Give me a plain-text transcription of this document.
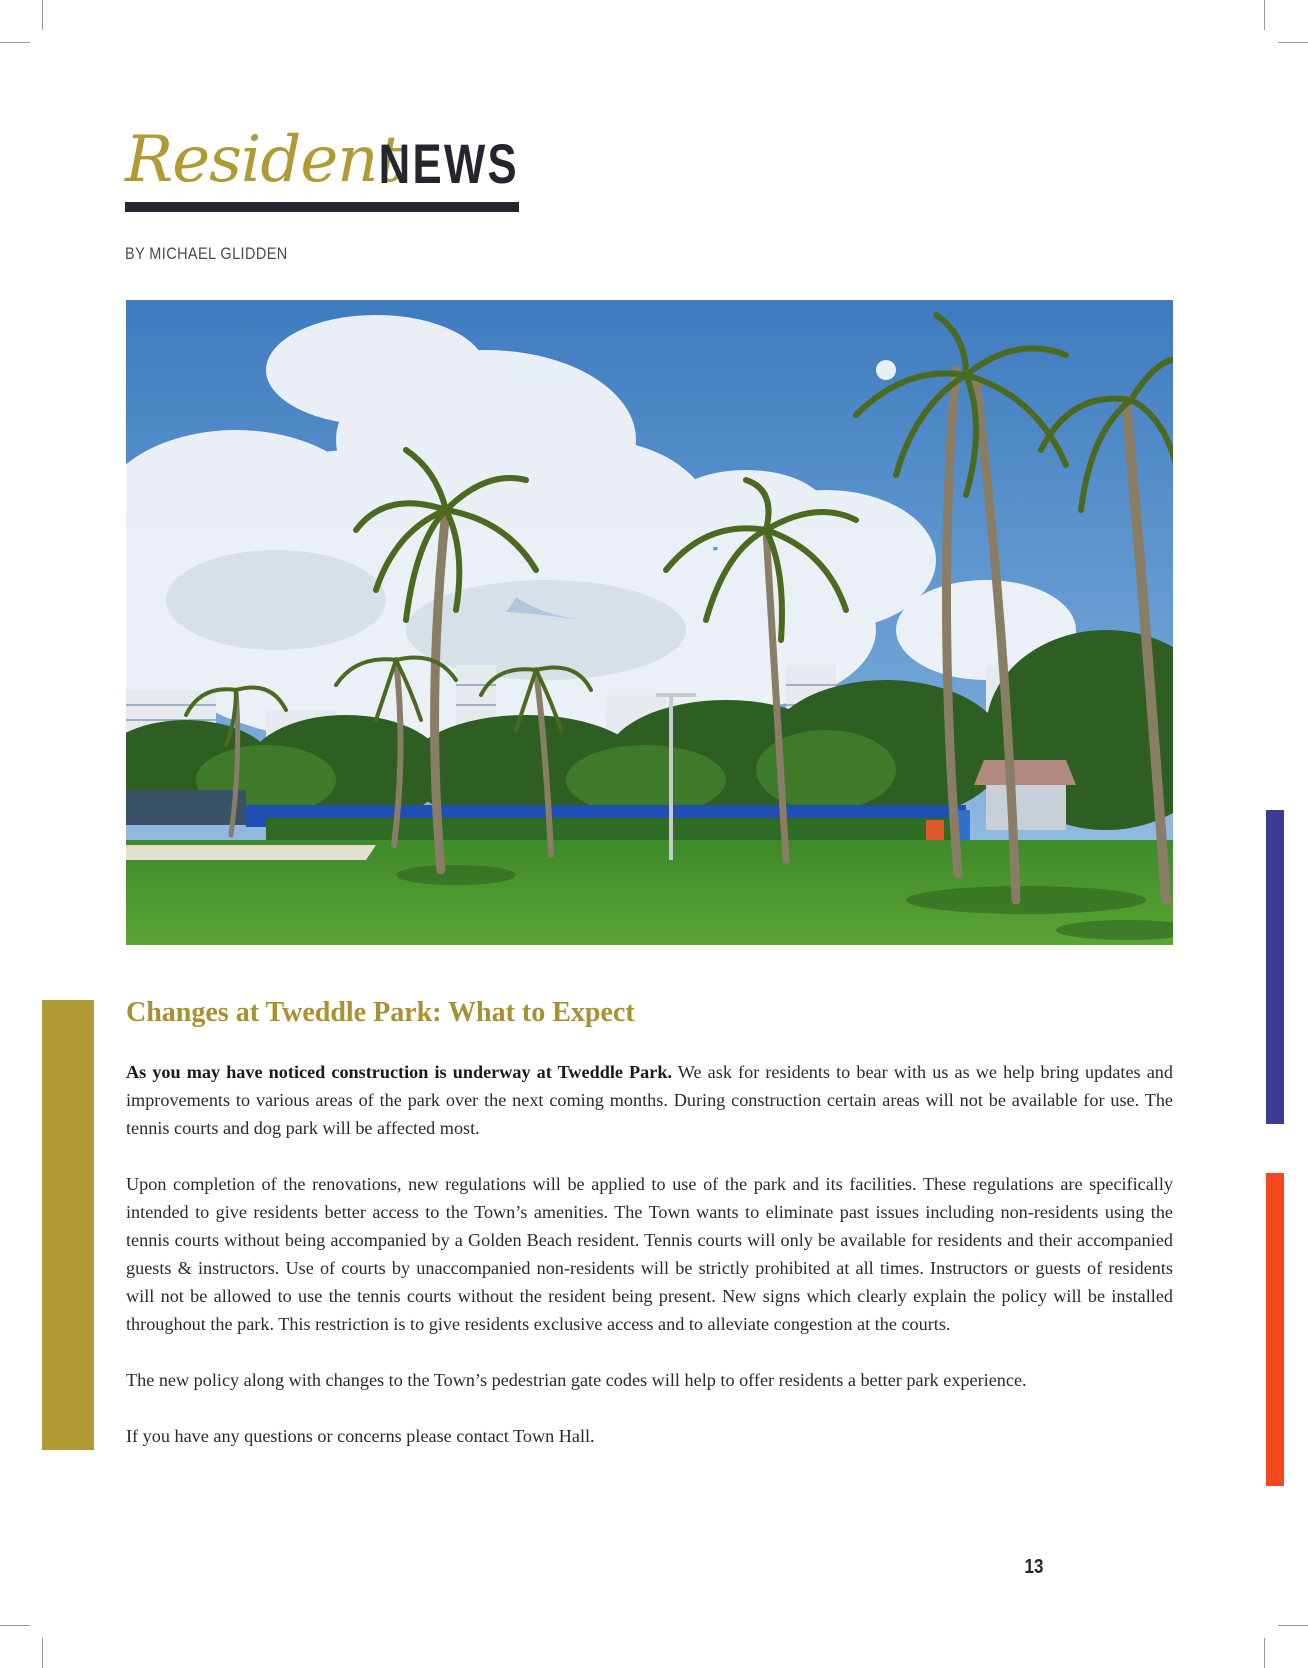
Resident
NEWS
BY MICHAEL GLIDDEN
Changes at Tweddle Park: What to Expect

As you may have noticed construction is underway at Tweddle Park. We ask for residents to bear with us as we help bring updates and improvements to various areas of the park over the next coming months. During construction certain areas will not be available for use. The tennis courts and dog park will be affected most.

Upon completion of the renovations, new regulations will be applied to use of the park and its facilities. These regulations are specifically intended to give residents better access to the Town’s amenities. The Town wants to eliminate past issues including non-residents using the tennis courts without being accompanied by a Golden Beach resident. Tennis courts will only be available for residents and their accompanied guests & instructors. Use of courts by unaccompanied non-residents will be strictly prohibited at all times. Instructors or guests of residents will not be allowed to use the tennis courts without the resident being present. New signs which clearly explain the policy will be installed throughout the park. This restriction is to give residents exclusive access and to alleviate congestion at the courts.

The new policy along with changes to the Town’s pedestrian gate codes will help to offer residents a better park experience.

If you have any questions or concerns please contact Town Hall.

13
